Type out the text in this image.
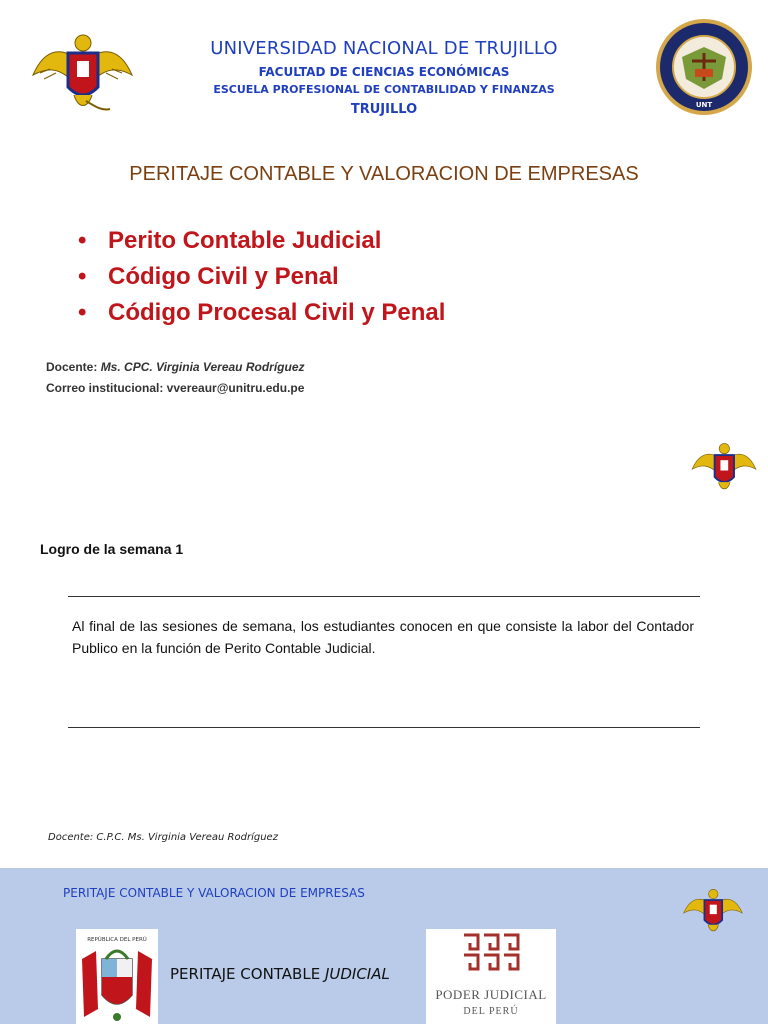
UNT
UNIVERSIDAD NACIONAL DE TRUJILLO
FACULTAD DE CIENCIAS ECONÓMICAS
ESCUELA PROFESIONAL DE CONTABILIDAD Y FINANZAS
TRUJILLO
PERITAJE CONTABLE Y VALORACION DE EMPRESAS
• Perito Contable Judicial
• Código Civil y Penal
• Código Procesal Civil y Penal
Docente: Ms. CPC. Virginia Vereau Rodríguez
Correo institucional: vvereaur@unitru.edu.pe
Logro de la semana 1
Al final de las sesiones de semana, los estudiantes conocen en que consiste la labor del Contador Publico en la función de Perito Contable Judicial.
Docente: C.P.C. Ms. Virginia Vereau Rodríguez
PERITAJE CONTABLE Y VALORACION DE EMPRESAS
REPÚBLICA DEL PERÚ
PERITAJE CONTABLE JUDICIAL
PODER JUDICIAL
DEL PERÚ
